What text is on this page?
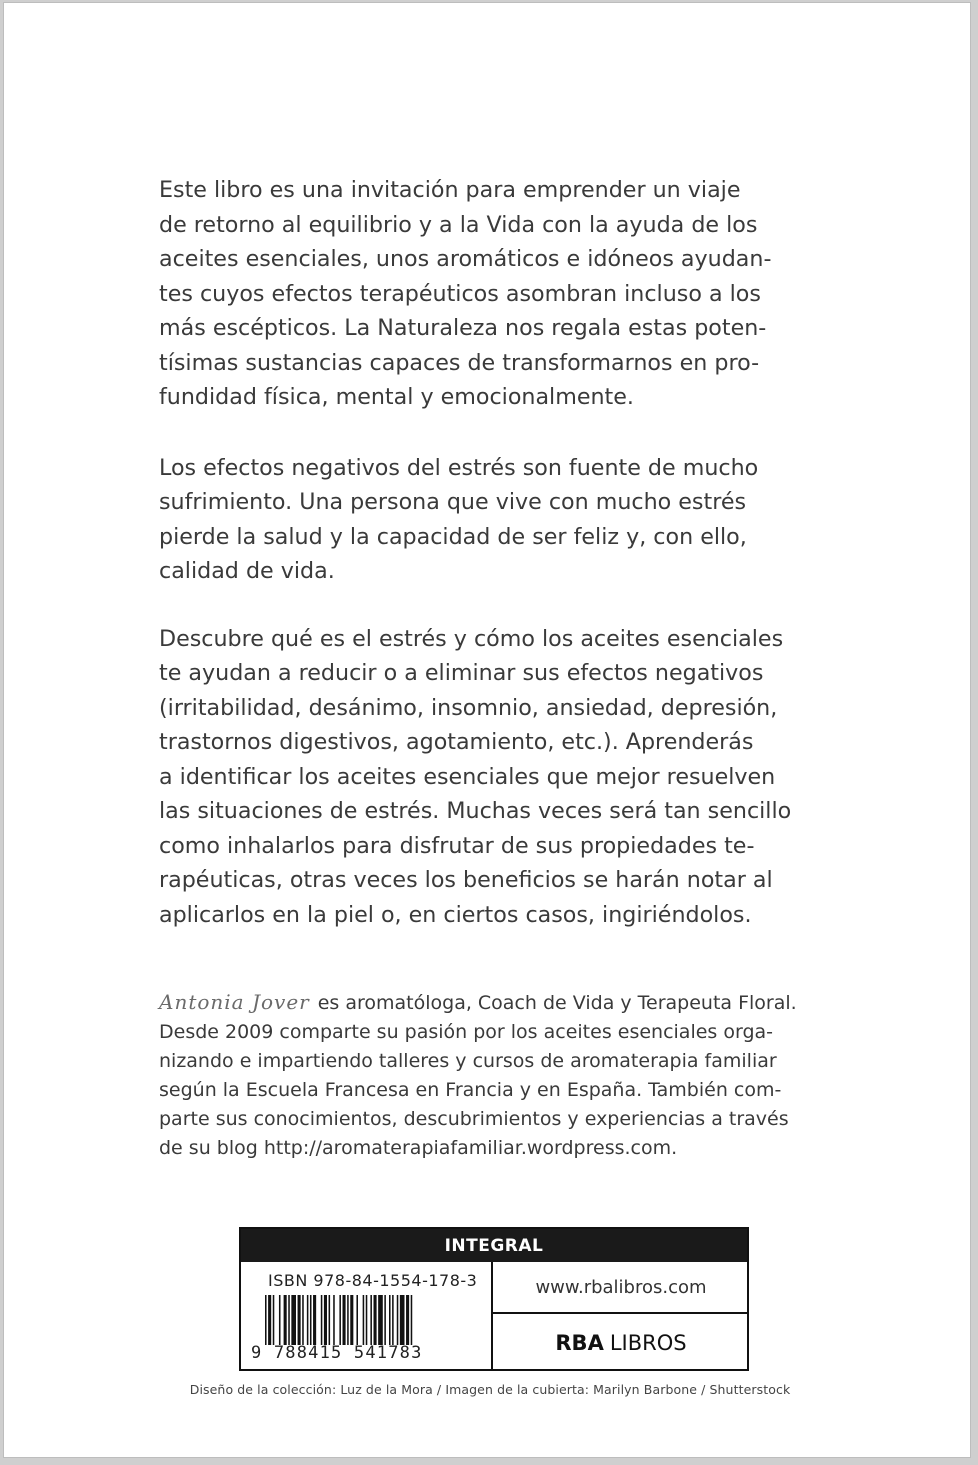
Este libro es una invitación para emprender un viaje
de retorno al equilibrio y a la Vida con la ayuda de los
aceites esenciales, unos aromáticos e idóneos ayudan-
tes cuyos efectos terapéuticos asombran incluso a los
más escépticos. La Naturaleza nos regala estas poten-
tísimas sustancias capaces de transformarnos en pro-
fundidad física, mental y emocionalmente.

Los efectos negativos del estrés son fuente de mucho
sufrimiento. Una persona que vive con mucho estrés
pierde la salud y la capacidad de ser feliz y, con ello,
calidad de vida.

Descubre qué es el estrés y cómo los aceites esenciales
te ayudan a reducir o a eliminar sus efectos negativos
(irritabilidad, desánimo, insomnio, ansiedad, depresión,
trastornos digestivos, agotamiento, etc.). Aprenderás
a identificar los aceites esenciales que mejor resuelven
las situaciones de estrés. Muchas veces será tan sencillo
como inhalarlos para disfrutar de sus propiedades te-
rapéuticas, otras veces los beneficios se harán notar al
aplicarlos en la piel o, en ciertos casos, ingiriéndolos.

Antonia Jover es aromatóloga, Coach de Vida y Terapeuta Floral.
Desde 2009 comparte su pasión por los aceites esenciales orga-
nizando e impartiendo talleres y cursos de aromaterapia familiar
según la Escuela Francesa en Francia y en España. También com-
parte sus conocimientos, descubrimientos y experiencias a través
de su blog http://aromaterapiafamiliar.wordpress.com.
INTEGRAL
ISBN 978-84-1554-178-3
9 788415 541783
www.rbalibros.com
RBA LIBROS
Diseño de la colección: Luz de la Mora / Imagen de la cubierta: Marilyn Barbone / Shutterstock
